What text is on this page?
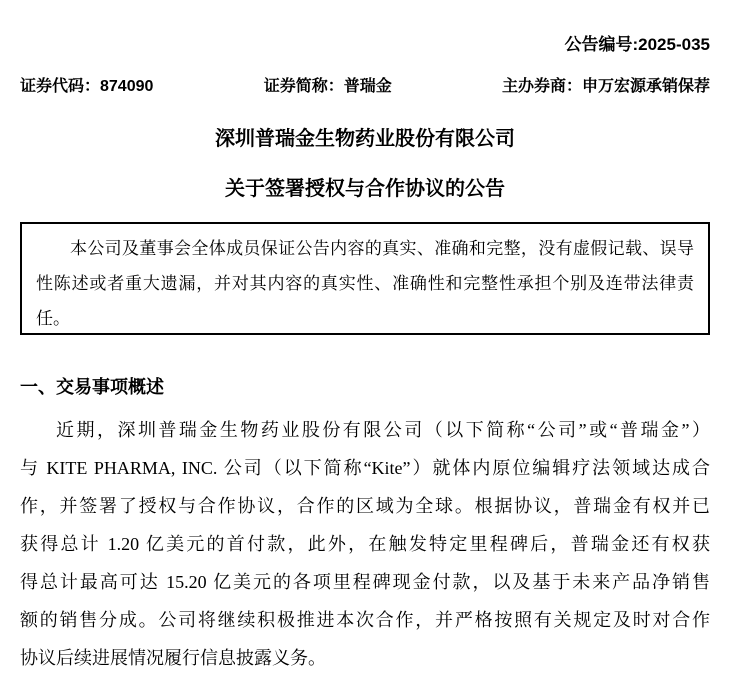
公告编号:2025-035
证券代码：874090	证券简称：普瑞金	主办券商：申万宏源承销保荐
深圳普瑞金生物药业股份有限公司
关于签署授权与合作协议的公告
本公司及董事会全体成员保证公告内容的真实、准确和完整，没有虚假记载、误导
性陈述或者重大遗漏，并对其内容的真实性、准确性和完整性承担个别及连带法律责
任。
一、交易事项概述
近期，深圳普瑞金生物药业股份有限公司（以下简称“公司”或“普瑞金”）
与 KITE PHARMA, INC. 公司（以下简称“Kite”）就体内原位编辑疗法领域达成合
作，并签署了授权与合作协议，合作的区域为全球。根据协议，普瑞金有权并已
获得总计 1.20 亿美元的首付款，此外，在触发特定里程碑后，普瑞金还有权获
得总计最高可达 15.20 亿美元的各项里程碑现金付款，以及基于未来产品净销售
额的销售分成。公司将继续积极推进本次合作，并严格按照有关规定及时对合作
协议后续进展情况履行信息披露义务。
